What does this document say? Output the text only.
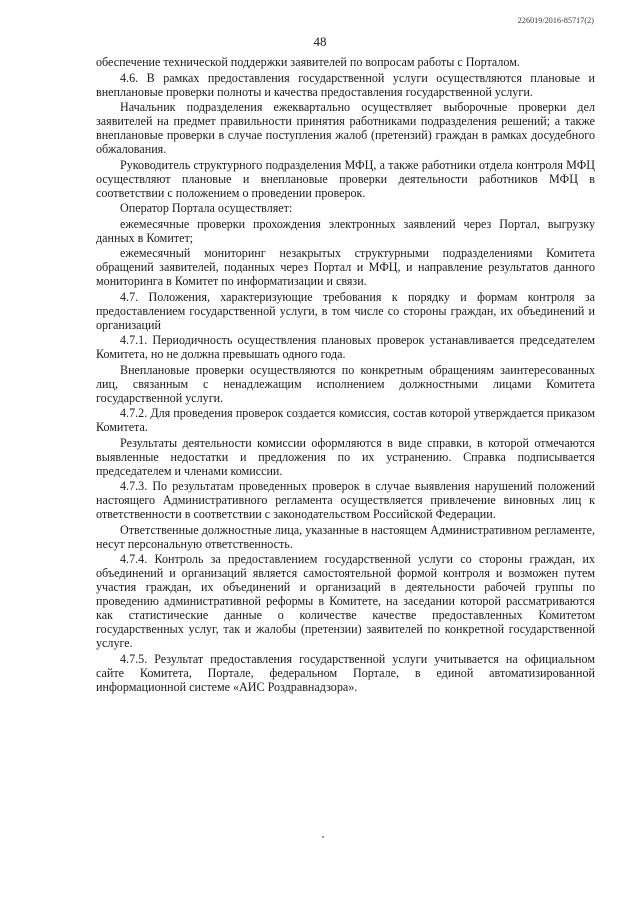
226019/2016-85717(2)
48

обеспечение технической поддержки заявителей по вопросам работы с Порталом.

4.6. В рамках предоставления государственной услуги осуществляются плановые и внеплановые проверки полноты и качества предоставления государственной услуги.

Начальник подразделения ежеквартально осуществляет выборочные проверки дел заявителей на предмет правильности принятия работниками подразделения решений; а также внеплановые проверки в случае поступления жалоб (претензий) граждан в рамках досудебного обжалования.

Руководитель структурного подразделения МФЦ, а также работники отдела контроля МФЦ осуществляют плановые и внеплановые проверки деятельности работников МФЦ в соответствии с положением о проведении проверок.

Оператор Портала осуществляет:

ежемесячные проверки прохождения электронных заявлений через Портал, выгрузку данных в Комитет;

ежемесячный мониторинг незакрытых структурными подразделениями Комитета обращений заявителей, поданных через Портал и МФЦ, и направление результатов данного мониторинга в Комитет по информатизации и связи.

4.7. Положения, характеризующие требования к порядку и формам контроля за предоставлением государственной услуги, в том числе со стороны граждан, их объединений и организаций

4.7.1. Периодичность осуществления плановых проверок устанавливается председателем Комитета, но не должна превышать одного года.

Внеплановые проверки осуществляются по конкретным обращениям заинтересованных лиц, связанным с ненадлежащим исполнением должностными лицами Комитета государственной услуги.

4.7.2. Для проведения проверок создается комиссия, состав которой утверждается приказом Комитета.

Результаты деятельности комиссии оформляются в виде справки, в которой отмечаются выявленные недостатки и предложения по их устранению. Справка подписывается председателем и членами комиссии.

4.7.3. По результатам проведенных проверок в случае выявления нарушений положений настоящего Административного регламента осуществляется привлечение виновных лиц к ответственности в соответствии с законодательством Российской Федерации.

Ответственные должностные лица, указанные в настоящем Административном регламенте, несут персональную ответственность.

4.7.4. Контроль за предоставлением государственной услуги со стороны граждан, их объединений и организаций является самостоятельной формой контроля и возможен путем участия граждан, их объединений и организаций в деятельности рабочей группы по проведению административной реформы в Комитете, на заседании которой рассматриваются как статистические данные о количестве качестве предоставленных Комитетом государственных услуг, так и жалобы (претензии) заявителей по конкретной государственной услуге.

4.7.5. Результат предоставления государственной услуги учитывается на официальном сайте Комитета, Портале, федеральном Портале, в единой автоматизированной информационной системе «АИС Роздравнадзора».
